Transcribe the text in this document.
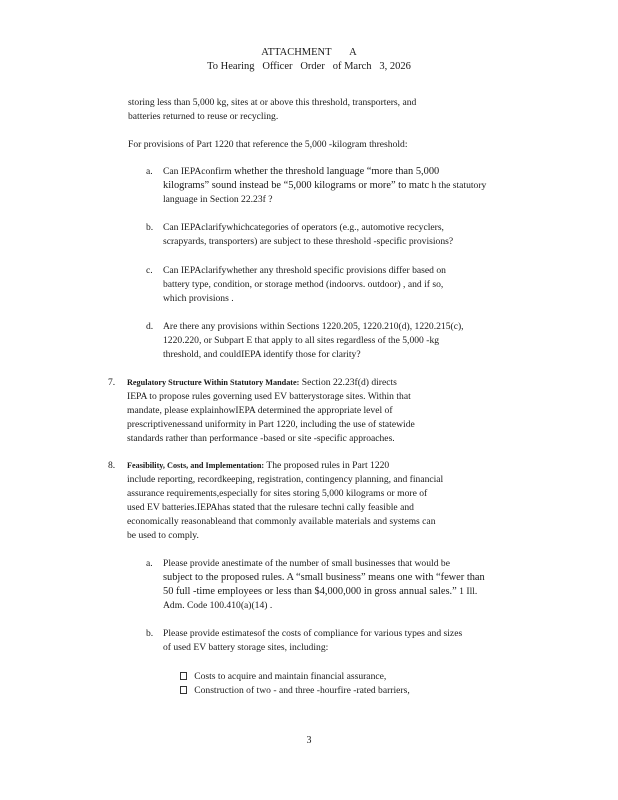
ATTACHMENT       A
To Hearing   Officer   Order   of March   3, 2026

storing less than 5,000 kg, sites at or above this threshold, transporters, and

batteries returned to reuse or recycling.

For provisions of Part 1220 that reference the 5,000 -kilogram threshold:

a. Can IEPAconfirm whether the threshold language “more than 5,000

kilograms” sound instead be “5,000 kilograms or more” to matc h the statutory

language in Section 22.23f ?

b. Can IEPAclarifywhichcategories of operators (e.g., automotive recyclers,

scrapyards, transporters) are subject to these threshold -specific provisions?

c. Can IEPAclarifywhether any threshold specific provisions differ based on

battery type, condition, or storage method (indoorvs. outdoor) , and if so,

which provisions .

d. Are there any provisions within Sections 1220.205, 1220.210(d), 1220.215(c),

1220.220, or Subpart E that apply to all sites regardless of the 5,000 -kg

threshold, and couldIEPA identify those for clarity?

7. Regulatory Structure Within Statutory Mandate: Section 22.23f(d) directs

IEPA to propose rules governing used EV batterystorage sites. Within that

mandate, please explainhowIEPA determined the appropriate level of

prescriptivenessand uniformity in Part 1220, including the use of statewide

standards rather than performance -based or site -specific approaches.

8. Feasibility, Costs, and Implementation: The proposed rules in Part 1220

include reporting, recordkeeping, registration, contingency planning, and financial

assurance requirements,especially for sites storing 5,000 kilograms or more of

used EV batteries.IEPAhas stated that the rulesare techni cally feasible and

economically reasonableand that commonly available materials and systems can

be used to comply.

a. Please provide anestimate of the number of small businesses that would be

subject to the proposed rules. A “small business” means one with “fewer than

50 full -time employees or less than $4,000,000 in gross annual sales.” 1 Ill.

Adm. Code 100.410(a)(14) .

b. Please provide estimatesof the costs of compliance for various types and sizes

of used EV battery storage sites, including:

Costs to acquire and maintain financial assurance,

Construction of two - and three -hourfire -rated barriers,

3
